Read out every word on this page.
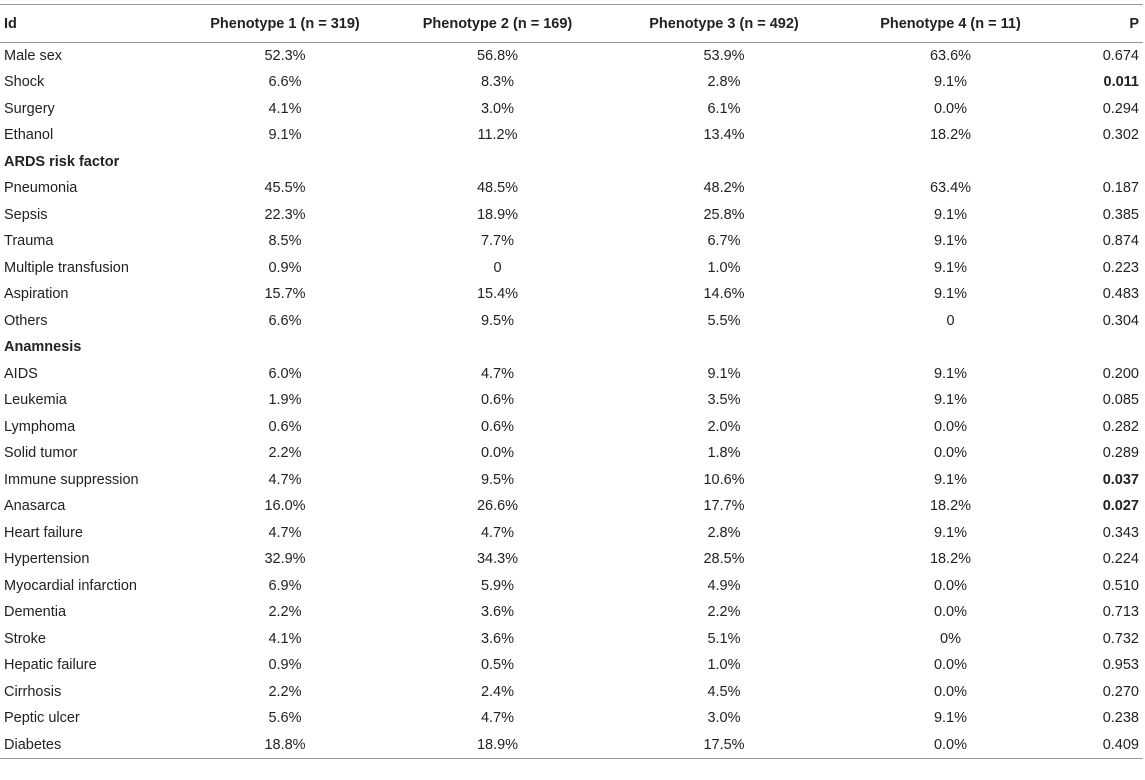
Id	Phenotype 1 (n = 319)	Phenotype 2 (n = 169)	Phenotype 3 (n = 492)	Phenotype 4 (n = 11)	P
Male sex	52.3%	56.8%	53.9%	63.6%	0.674
Shock	6.6%	8.3%	2.8%	9.1%	0.011
Surgery	4.1%	3.0%	6.1%	0.0%	0.294
Ethanol	9.1%	11.2%	13.4%	18.2%	0.302
ARDS risk factor					
Pneumonia	45.5%	48.5%	48.2%	63.4%	0.187
Sepsis	22.3%	18.9%	25.8%	9.1%	0.385
Trauma	8.5%	7.7%	6.7%	9.1%	0.874
Multiple transfusion	0.9%	0	1.0%	9.1%	0.223
Aspiration	15.7%	15.4%	14.6%	9.1%	0.483
Others	6.6%	9.5%	5.5%	0	0.304
Anamnesis					
AIDS	6.0%	4.7%	9.1%	9.1%	0.200
Leukemia	1.9%	0.6%	3.5%	9.1%	0.085
Lymphoma	0.6%	0.6%	2.0%	0.0%	0.282
Solid tumor	2.2%	0.0%	1.8%	0.0%	0.289
Immune suppression	4.7%	9.5%	10.6%	9.1%	0.037
Anasarca	16.0%	26.6%	17.7%	18.2%	0.027
Heart failure	4.7%	4.7%	2.8%	9.1%	0.343
Hypertension	32.9%	34.3%	28.5%	18.2%	0.224
Myocardial infarction	6.9%	5.9%	4.9%	0.0%	0.510
Dementia	2.2%	3.6%	2.2%	0.0%	0.713
Stroke	4.1%	3.6%	5.1%	0%	0.732
Hepatic failure	0.9%	0.5%	1.0%	0.0%	0.953
Cirrhosis	2.2%	2.4%	4.5%	0.0%	0.270
Peptic ulcer	5.6%	4.7%	3.0%	9.1%	0.238
Diabetes	18.8%	18.9%	17.5%	0.0%	0.409
